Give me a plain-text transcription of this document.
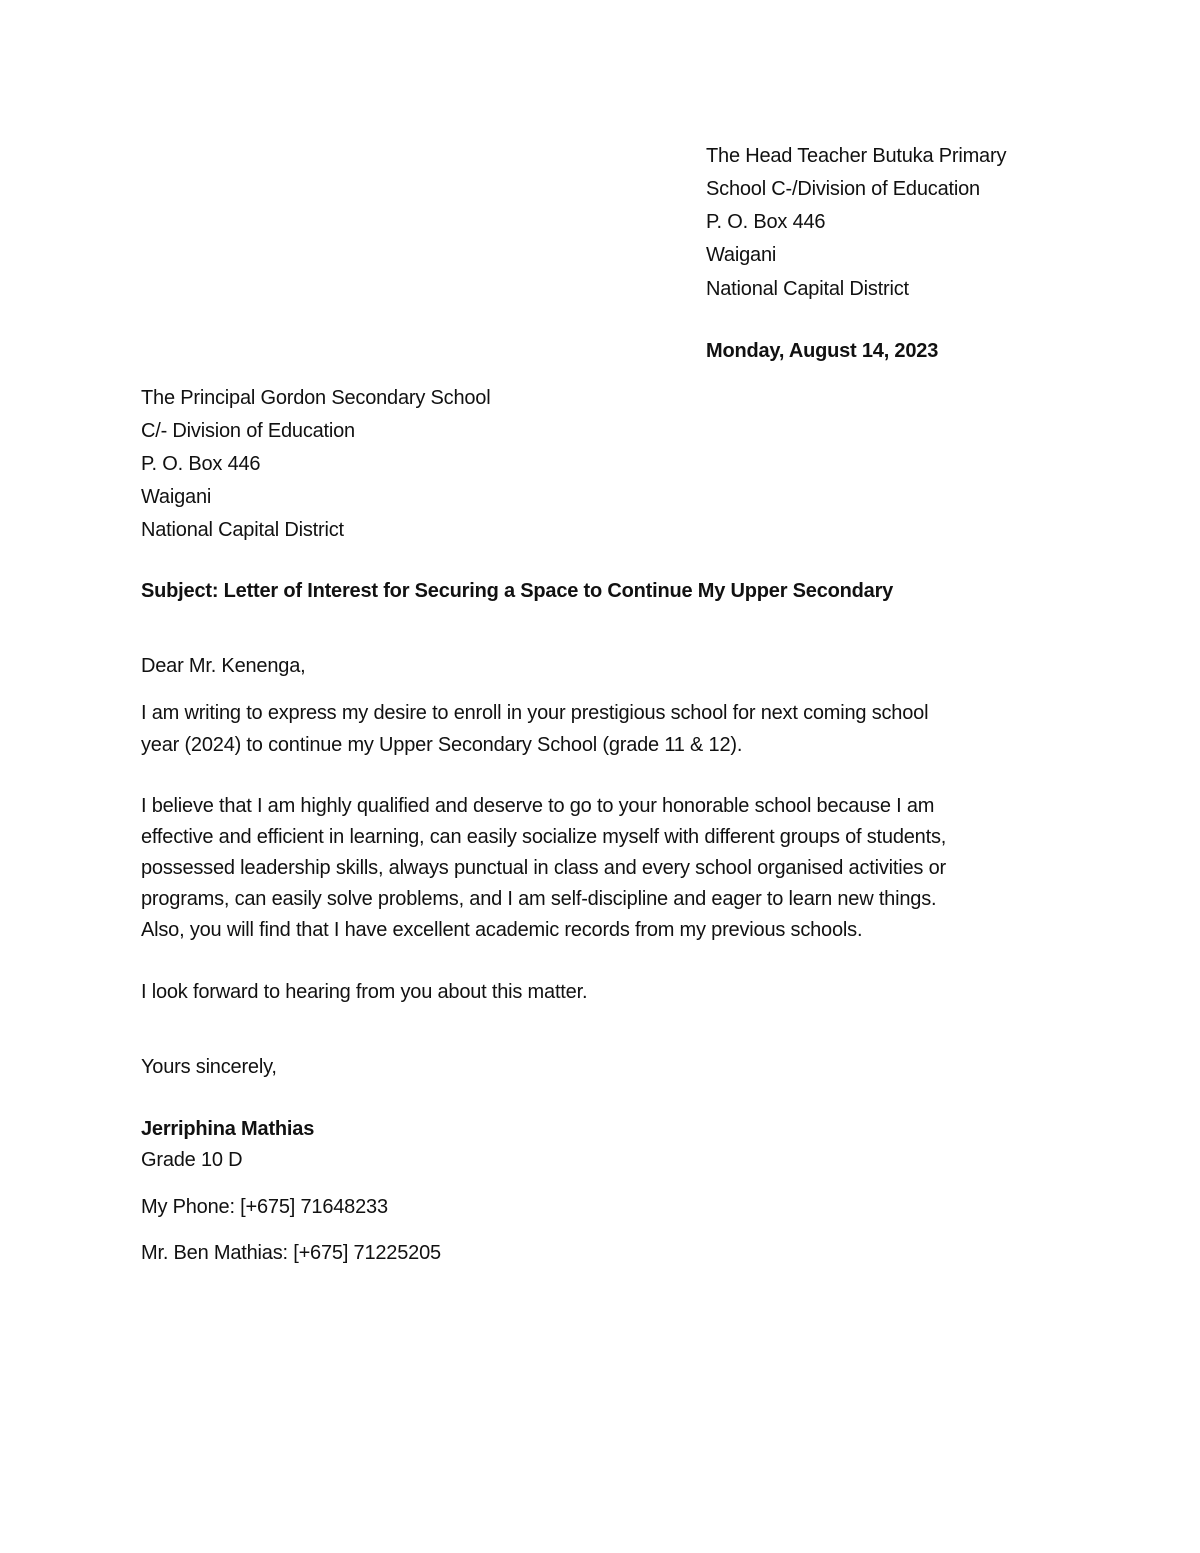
The Head Teacher Butuka Primary
School C-/Division of Education
P. O. Box 446
Waigani
National Capital District
Monday, August 14, 2023
The Principal Gordon Secondary School
C/- Division of Education
P. O. Box 446
Waigani
National Capital District
Subject: Letter of Interest for Securing a Space to Continue My Upper Secondary
Dear Mr. Kenenga,
I am writing to express my desire to enroll in your prestigious school for next coming school
year (2024) to continue my Upper Secondary School (grade 11 & 12).
I believe that I am highly qualified and deserve to go to your honorable school because I am
effective and efficient in learning, can easily socialize myself with different groups of students,
possessed leadership skills, always punctual in class and every school organised activities or
programs, can easily solve problems, and I am self-discipline and eager to learn new things.
Also, you will find that I have excellent academic records from my previous schools.
I look forward to hearing from you about this matter.
Yours sincerely,
Jerriphina Mathias
Grade 10 D
My Phone: [+675] 71648233
Mr. Ben Mathias: [+675] 71225205
